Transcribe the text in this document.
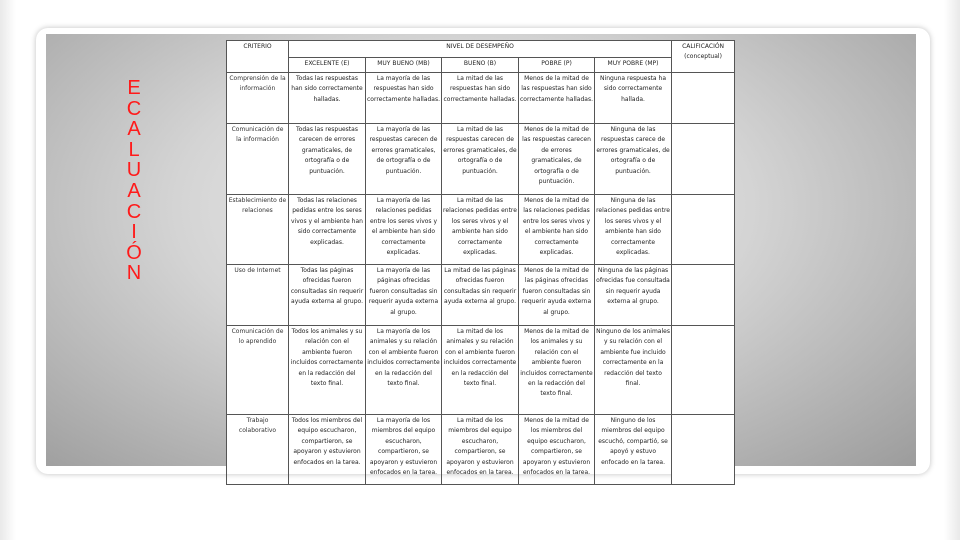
E
C
A
L
U
A
C
I
Ó
N
CRITERIO	NIVEL DE DESEMPEÑO					CALIFICACIÓN (conceptual)
	EXCELENTE (E)	MUY BUENO (MB)	BUENO (B)	POBRE (P)	MUY POBRE (MP)	
Comprensión de la información	Todas las respuestas han sido correctamente halladas.	La mayoría de las respuestas han sido correctamente halladas.	La mitad de las respuestas han sido correctamente halladas.	Menos de la mitad de las respuestas han sido correctamente halladas.	Ninguna respuesta ha sido correctamente hallada.	
Comunicación de la información	Todas las respuestas carecen de errores gramaticales, de ortografía o de puntuación.	La mayoría de las respuestas carecen de errores gramaticales, de ortografía o de puntuación.	La mitad de las respuestas carecen de errores gramaticales, de ortografía o de puntuación.	Menos de la mitad de las respuestas carecen de errores gramaticales, de ortografía o de puntuación.	Ninguna de las respuestas carece de errores gramaticales, de ortografía o de puntuación.	
Establecimiento de relaciones	Todas las relaciones pedidas entre los seres vivos y el ambiente han sido correctamente explicadas.	La mayoría de las relaciones pedidas entre los seres vivos y el ambiente han sido correctamente explicadas.	La mitad de las relaciones pedidas entre los seres vivos y el ambiente han sido correctamente explicadas.	Menos de la mitad de las relaciones pedidas entre los seres vivos y el ambiente han sido correctamente explicadas.	Ninguna de las relaciones pedidas entre los seres vivos y el ambiente han sido correctamente explicadas.	
Uso de Internet	Todas las páginas ofrecidas fueron consultadas sin requerir ayuda externa al grupo.	La mayoría de las páginas ofrecidas fueron consultadas sin requerir ayuda externa al grupo.	La mitad de las páginas ofrecidas fueron consultadas sin requerir ayuda externa al grupo.	Menos de la mitad de las páginas ofrecidas fueron consultadas sin requerir ayuda externa al grupo.	Ninguna de las páginas ofrecidas fue consultada sin requerir ayuda externa al grupo.	
Comunicación de lo aprendido	Todos los animales y su relación con el ambiente fueron incluidos correctamente en la redacción del texto final.	La mayoría de los animales y su relación con el ambiente fueron incluidos correctamente en la redacción del texto final.	La mitad de los animales y su relación con el ambiente fueron incluidos correctamente en la redacción del texto final.	Menos de la mitad de los animales y su relación con el ambiente fueron incluidos correctamente en la redacción del texto final.	Ninguno de los animales y su relación con el ambiente fue incluido correctamente en la redacción del texto final.	
Trabajo colaborativo	Todos los miembros del equipo escucharon, compartieron, se apoyaron y estuvieron enfocados en la tarea.	La mayoría de los miembros del equipo escucharon, compartieron, se apoyaron y estuvieron enfocados en la tarea.	La mitad de los miembros del equipo escucharon, compartieron, se apoyaron y estuvieron enfocados en la tarea.	Menos de la mitad de los miembros del equipo escucharon, compartieron, se apoyaron y estuvieron enfocados en la tarea.	Ninguno de los miembros del equipo escuchó, compartió, se apoyó y estuvo enfocado en la tarea.	
